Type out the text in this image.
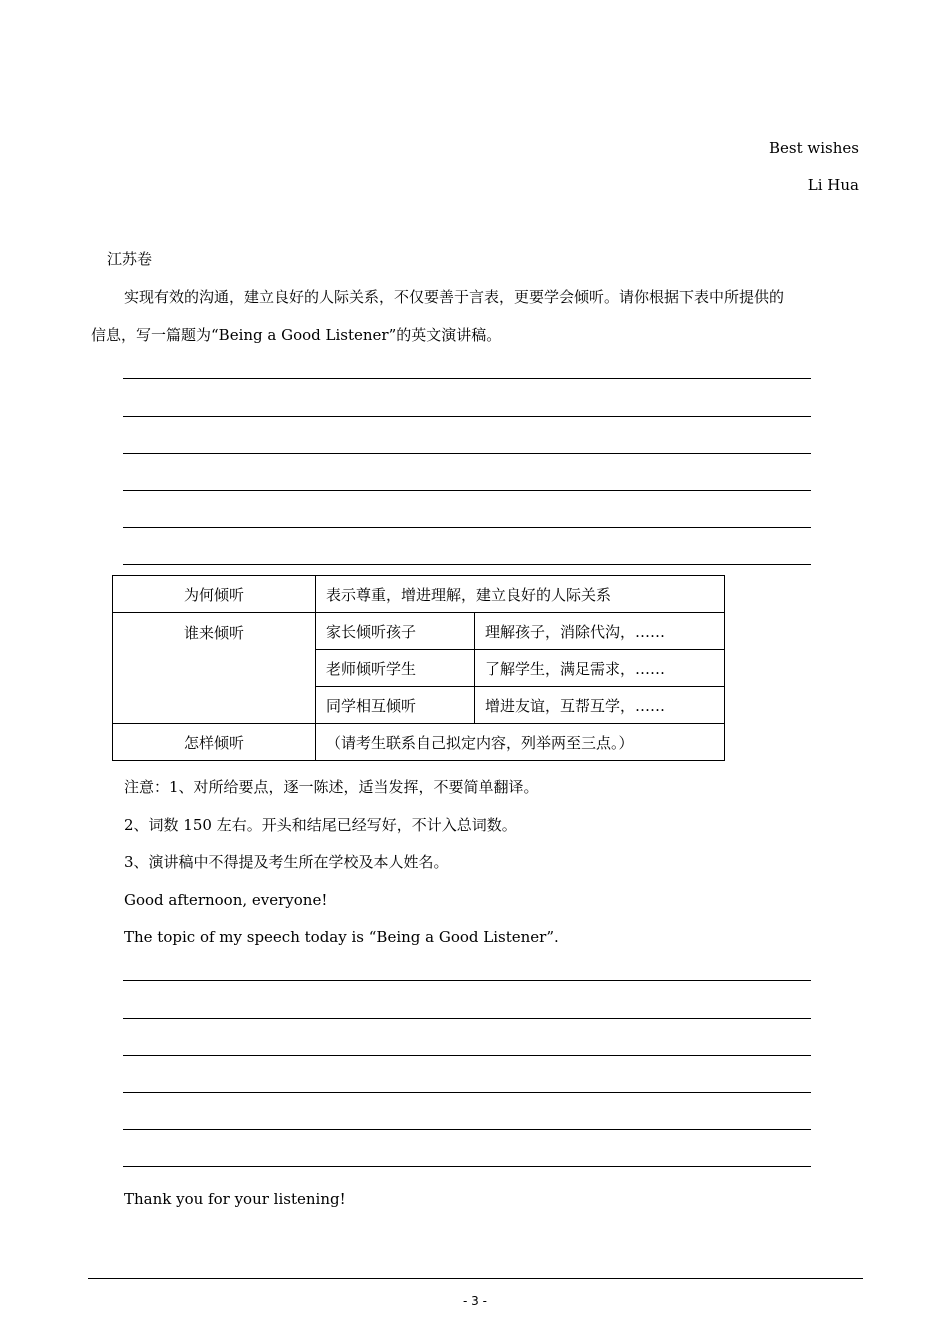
Best wishes

Li Hua

江苏卷

实现有效的沟通，建立良好的人际关系，不仅要善于言表，更要学会倾听。请你根据下表中所提供的

信息，写一篇题为“Being a Good Listener”的英文演讲稿。

为何倾听	表示尊重，增进理解，建立良好的人际关系	
谁来倾听	家长倾听孩子	理解孩子，消除代沟，……
	老师倾听学生	了解学生，满足需求，……
	同学相互倾听	增进友谊，互帮互学，……
怎样倾听	（请考生联系自己拟定内容，列举两至三点。）	

注意：1、对所给要点，逐一陈述，适当发挥，不要简单翻译。

2、词数 150 左右。开头和结尾已经写好，不计入总词数。

3、演讲稿中不得提及考生所在学校及本人姓名。

Good afternoon, everyone!

The topic of my speech today is “Being a Good Listener”.

Thank you for your listening!

- 3 -
